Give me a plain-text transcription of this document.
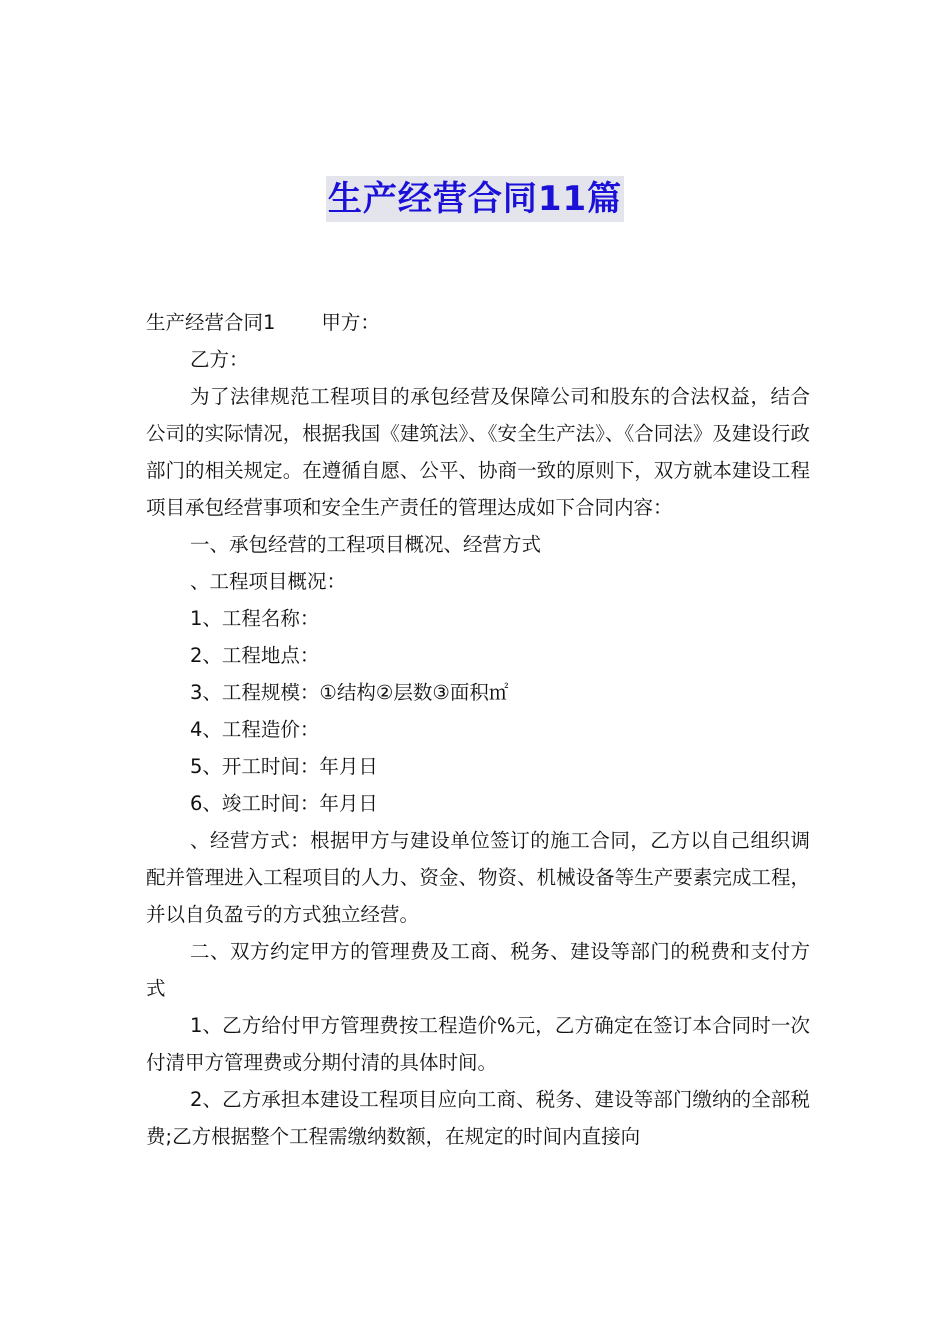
生产经营合同11篇

生产经营合同1 甲方：

乙方：

为了法律规范工程项目的承包经营及保障公司和股东的合法权益，结合公司的实际情况，根据我国《建筑法》、《安全生产法》、《合同法》及建设行政部门的相关规定。在遵循自愿、公平、协商一致的原则下，双方就本建设工程项目承包经营事项和安全生产责任的管理达成如下合同内容：

一、承包经营的工程项目概况、经营方式

、工程项目概况：

1、工程名称：

2、工程地点：

3、工程规模：①结构②层数③面积㎡

4、工程造价：

5、开工时间：年月日

6、竣工时间：年月日

、经营方式：根据甲方与建设单位签订的施工合同，乙方以自己组织调配并管理进入工程项目的人力、资金、物资、机械设备等生产要素完成工程，并以自负盈亏的方式独立经营。

二、双方约定甲方的管理费及工商、税务、建设等部门的税费和支付方式

1、乙方给付甲方管理费按工程造价%元，乙方确定在签订本合同时一次付清甲方管理费或分期付清的具体时间。

2、乙方承担本建设工程项目应向工商、税务、建设等部门缴纳的全部税费;乙方根据整个工程需缴纳数额，在规定的时间内直接向
